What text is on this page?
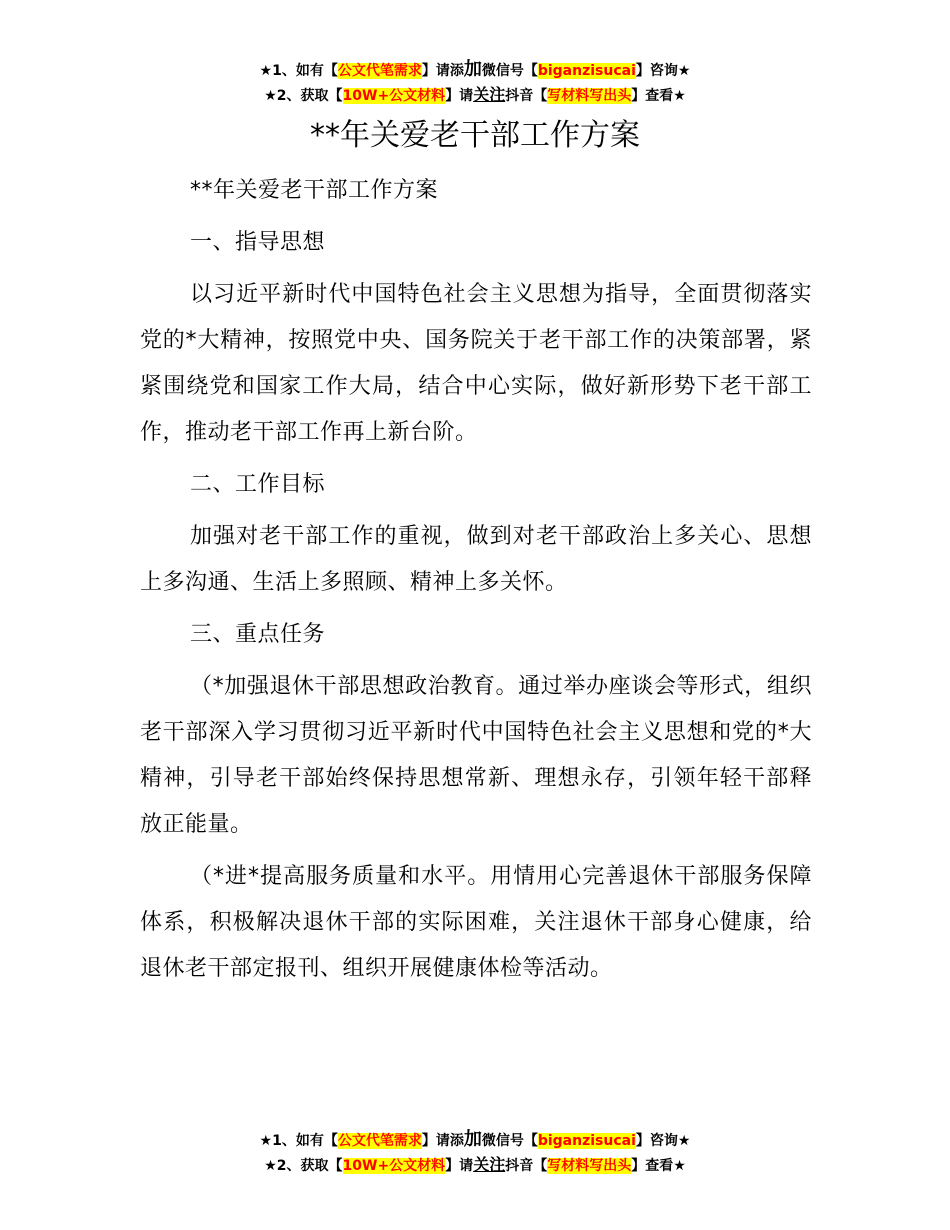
★1、如有【公文代笔需求】请添加微信号【biganzisucai】咨询★
★2、获取【10W+公文材料】请关注抖音【写材料写出头】查看★
**年关爱老干部工作方案

**年关爱老干部工作方案

一、指导思想

以习近平新时代中国特色社会主义思想为指导，全面贯彻落实党的*大精神，按照党中央、国务院关于老干部工作的决策部署，紧紧围绕党和国家工作大局，结合中心实际，做好新形势下老干部工作，推动老干部工作再上新台阶。

二、工作目标

加强对老干部工作的重视，做到对老干部政治上多关心、思想上多沟通、生活上多照顾、精神上多关怀。

三、重点任务

（*加强退休干部思想政治教育。通过举办座谈会等形式，组织老干部深入学习贯彻习近平新时代中国特色社会主义思想和党的*大精神，引导老干部始终保持思想常新、理想永存，引领年轻干部释放正能量。

（*进*提高服务质量和水平。用情用心完善退休干部服务保障体系，积极解决退休干部的实际困难，关注退休干部身心健康，给退休老干部定报刊、组织开展健康体检等活动。

★1、如有【公文代笔需求】请添加微信号【biganzisucai】咨询★
★2、获取【10W+公文材料】请关注抖音【写材料写出头】查看★
